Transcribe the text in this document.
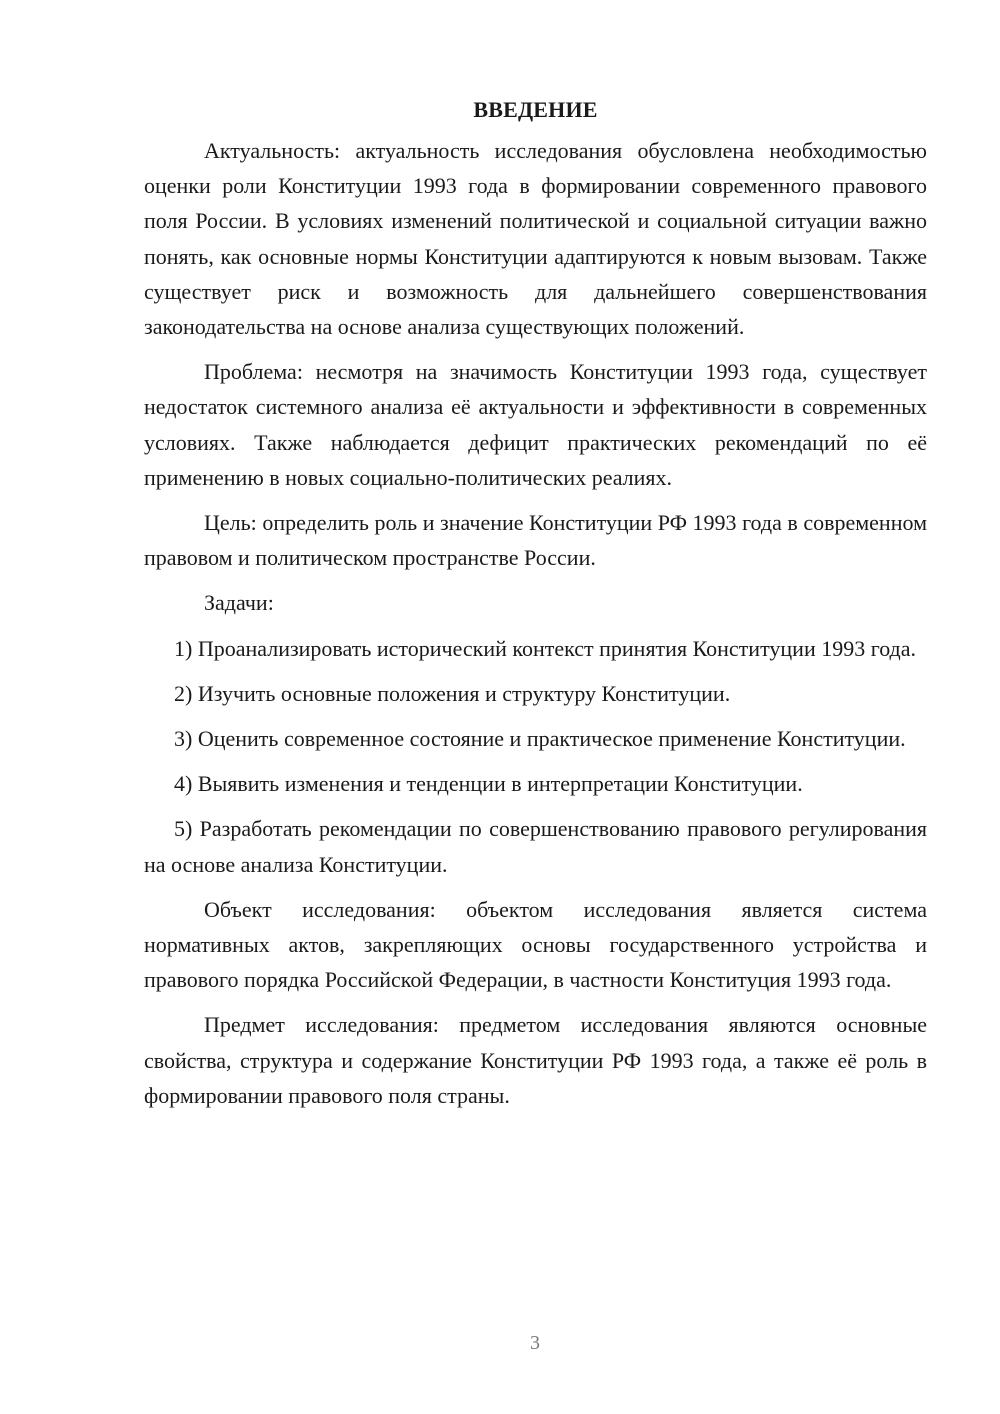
ВВЕДЕНИЕ

Актуальность: актуальность исследования обусловлена необходимостью оценки роли Конституции 1993 года в формировании современного правового поля России. В условиях изменений политической и социальной ситуации важно понять, как основные нормы Конституции адаптируются к новым вызовам. Также существует риск и возможность для дальнейшего совершенствования законодательства на основе анализа существующих положений.

Проблема: несмотря на значимость Конституции 1993 года, существует недостаток системного анализа её актуальности и эффективности в современных условиях. Также наблюдается дефицит практических рекомендаций по её применению в новых социально-политических реалиях.

Цель: определить роль и значение Конституции РФ 1993 года в современном правовом и политическом пространстве России.

Задачи:

1) Проанализировать исторический контекст принятия Конституции 1993 года.

2) Изучить основные положения и структуру Конституции.

3) Оценить современное состояние и практическое применение Конституции.

4) Выявить изменения и тенденции в интерпретации Конституции.

5) Разработать рекомендации по совершенствованию правового регулирования на основе анализа Конституции.

Объект исследования: объектом исследования является система нормативных актов, закрепляющих основы государственного устройства и правового порядка Российской Федерации, в частности Конституция 1993 года.

Предмет исследования: предметом исследования являются основные свойства, структура и содержание Конституции РФ 1993 года, а также её роль в формировании правового поля страны.

3
